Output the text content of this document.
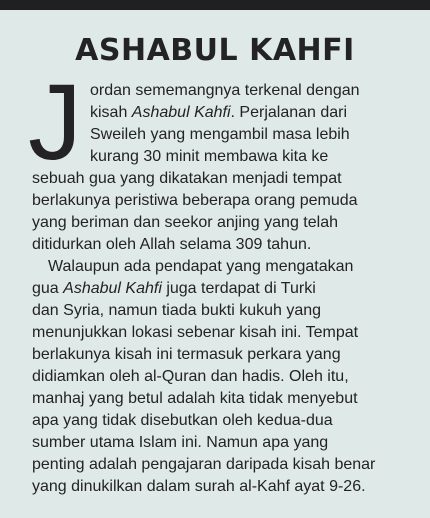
ASHABUL KAHFI
J ordan sememangnya terkenal dengan
kisah Ashabul Kahfi. Perjalanan dari
Sweileh yang mengambil masa lebih
kurang 30 minit membawa kita ke
sebuah gua yang dikatakan menjadi tempat
berlakunya peristiwa beberapa orang pemuda
yang beriman dan seekor anjing yang telah
ditidurkan oleh Allah selama 309 tahun.
Walaupun ada pendapat yang mengatakan
gua Ashabul Kahfi juga terdapat di Turki
dan Syria, namun tiada bukti kukuh yang
menunjukkan lokasi sebenar kisah ini. Tempat
berlakunya kisah ini termasuk perkara yang
didiamkan oleh al-Quran dan hadis. Oleh itu,
manhaj yang betul adalah kita tidak menyebut
apa yang tidak disebutkan oleh kedua-dua
sumber utama Islam ini. Namun apa yang
penting adalah pengajaran daripada kisah benar
yang dinukilkan dalam surah al-Kahf ayat 9-26.
